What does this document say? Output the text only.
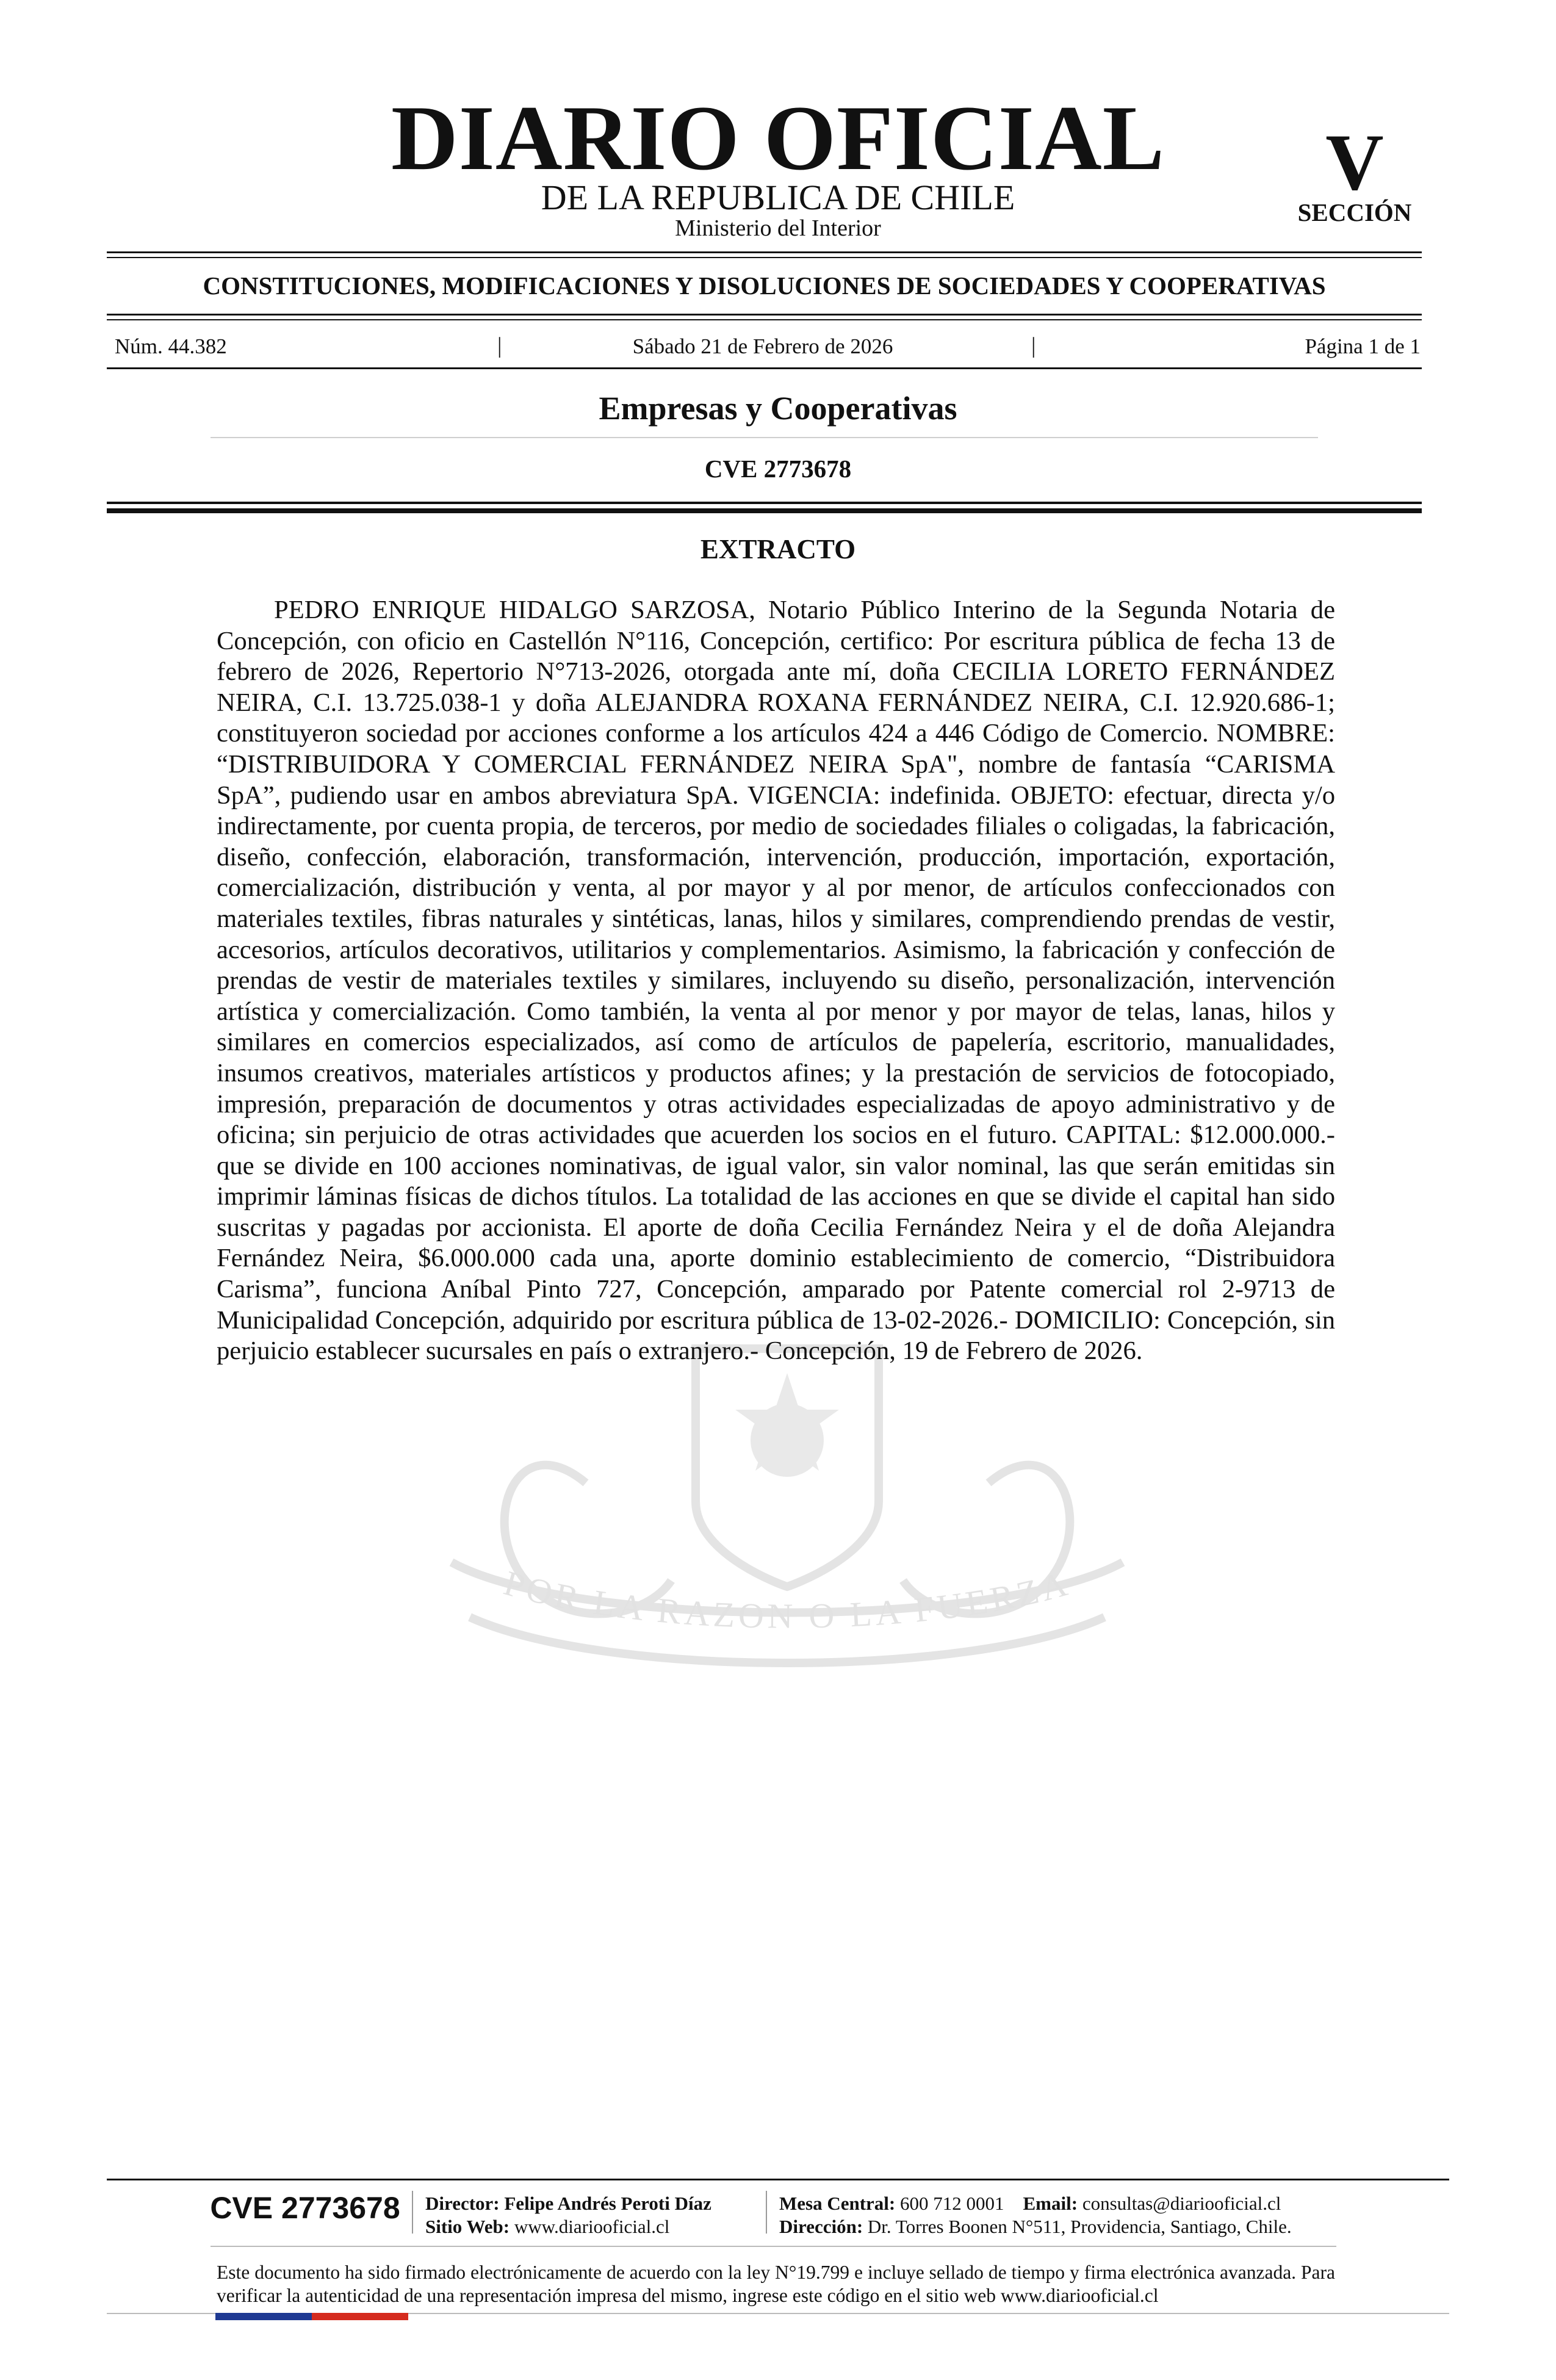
POR LA RAZON O LA FUERZA
DIARIO OFICIAL
DE LA REPUBLICA DE CHILE
Ministerio del Interior
V
SECCIÓN
CONSTITUCIONES, MODIFICACIONES Y DISOLUCIONES DE SOCIEDADES Y COOPERATIVAS
Núm. 44.382	|	Sábado 21 de Febrero de 2026	|	Página 1 de 1
Empresas y Cooperativas
CVE 2773678
EXTRACTO

PEDRO ENRIQUE HIDALGO SARZOSA, Notario Público Interino de la Segunda Notaria de Concepción, con oficio en Castellón N°116, Concepción, certifico: Por escritura pública de fecha 13 de febrero de 2026, Repertorio N°713-2026, otorgada ante mí, doña CECILIA LORETO FERNÁNDEZ NEIRA, C.I. 13.725.038-1 y doña ALEJANDRA ROXANA FERNÁNDEZ NEIRA, C.I. 12.920.686-1; constituyeron sociedad por acciones conforme a los artículos 424 a 446 Código de Comercio. NOMBRE: “DISTRIBUIDORA Y COMERCIAL FERNÁNDEZ NEIRA SpA", nombre de fantasía “CARISMA SpA”, pudiendo usar en ambos abreviatura SpA. VIGENCIA: indefinida. OBJETO: efectuar, directa y/o indirectamente, por cuenta propia, de terceros, por medio de sociedades filiales o coligadas, la fabricación, diseño, confección, elaboración, transformación, intervención, producción, importación, exportación, comercialización, distribución y venta, al por mayor y al por menor, de artículos confeccionados con materiales textiles, fibras naturales y sintéticas, lanas, hilos y similares, comprendiendo prendas de vestir, accesorios, artículos decorativos, utilitarios y complementarios. Asimismo, la fabricación y confección de prendas de vestir de materiales textiles y similares, incluyendo su diseño, personalización, intervención artística y comercialización. Como también, la venta al por menor y por mayor de telas, lanas, hilos y similares en comercios especializados, así como de artículos de papelería, escritorio, manualidades, insumos creativos, materiales artísticos y productos afines; y la prestación de servicios de fotocopiado, impresión, preparación de documentos y otras actividades especializadas de apoyo administrativo y de oficina; sin perjuicio de otras actividades que acuerden los socios en el futuro. CAPITAL: $12.000.000.- que se divide en 100 acciones nominativas, de igual valor, sin valor nominal, las que serán emitidas sin imprimir láminas físicas de dichos títulos. La totalidad de las acciones en que se divide el capital han sido suscritas y pagadas por accionista. El aporte de doña Cecilia Fernández Neira y el de doña Alejandra Fernández Neira, $6.000.000 cada una, aporte dominio establecimiento de comercio, “Distribuidora Carisma”, funciona Aníbal Pinto 727, Concepción, amparado por Patente comercial rol 2-9713 de Municipalidad Concepción, adquirido por escritura pública de 13-02-2026.- DOMICILIO: Concepción, sin perjuicio establecer sucursales en país o extranjero.- Concepción, 19 de Febrero de 2026.

CVE 2773678 Director: Felipe Andrés Peroti Díaz
Sitio Web: www.diariooficial.cl
Mesa Central: 600 712 0001 Email: consultas@diariooficial.cl
Dirección: Dr. Torres Boonen N°511, Providencia, Santiago, Chile.

Este documento ha sido firmado electrónicamente de acuerdo con la ley N°19.799 e incluye sellado de tiempo y firma electrónica avanzada. Para verificar la autenticidad de una representación impresa del mismo, ingrese este código en el sitio web www.diariooficial.cl
